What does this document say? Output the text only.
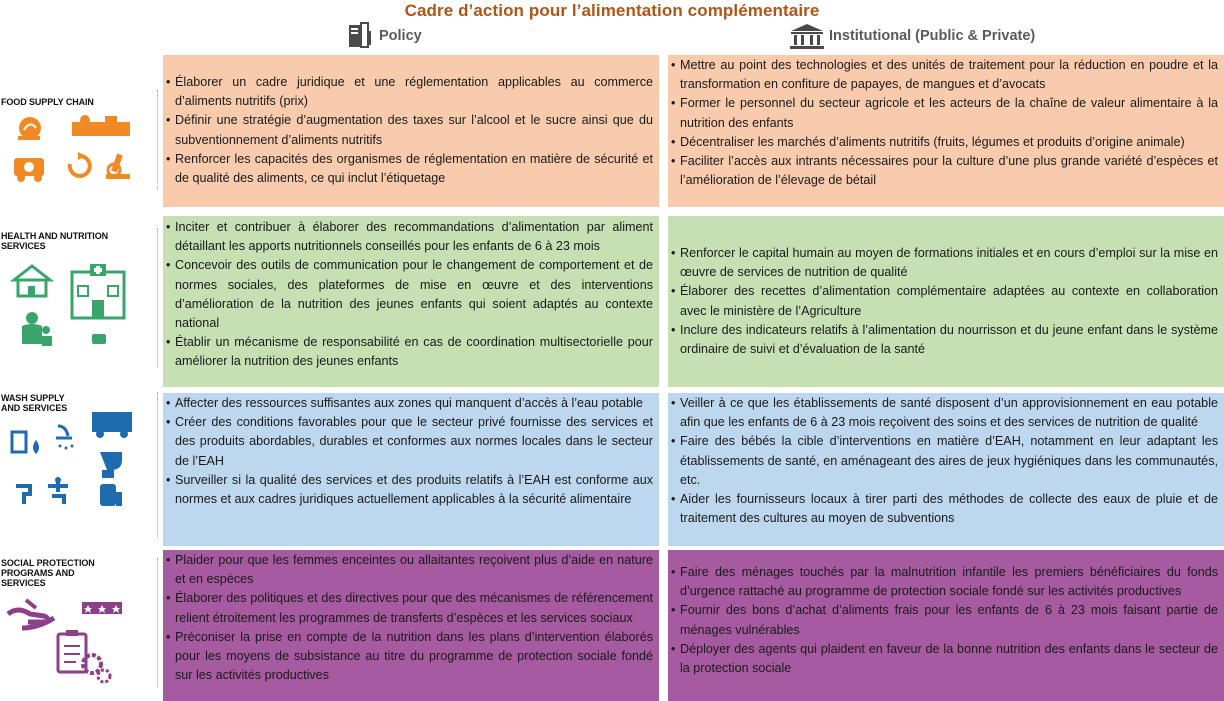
Cadre d’action pour l’alimentation complémentaire
Policy	Institutional (Public & Private)
FOOD SUPPLY CHAIN
• Élaborer un cadre juridique et une réglementation applicables au commerce d’aliments nutritifs (prix)
• Définir une stratégie d’augmentation des taxes sur l’alcool et le sucre ainsi que du subventionnement d’aliments nutritifs
• Renforcer les capacités des organismes de réglementation en matière de sécurité et de qualité des aliments, ce qui inclut l’étiquetage
• Mettre au point des technologies et des unités de traitement pour la réduction en poudre et la transformation en confiture de papayes, de mangues et d’avocats
• Former le personnel du secteur agricole et les acteurs de la chaîne de valeur alimentaire à la nutrition des enfants
• Décentraliser les marchés d’aliments nutritifs (fruits, légumes et produits d’origine animale)
• Faciliter l’accès aux intrants nécessaires pour la culture d’une plus grande variété d’espèces et l’amélioration de l’élevage de bétail
HEALTH AND NUTRITION SERVICES
• Inciter et contribuer à élaborer des recommandations d’alimentation par aliment détaillant les apports nutritionnels conseillés pour les enfants de 6 à 23 mois
• Concevoir des outils de communication pour le changement de comportement et de normes sociales, des plateformes de mise en œuvre et des interventions d’amélioration de la nutrition des jeunes enfants qui soient adaptés au contexte national
• Établir un mécanisme de responsabilité en cas de coordination multisectorielle pour améliorer la nutrition des jeunes enfants
• Renforcer le capital humain au moyen de formations initiales et en cours d’emploi sur la mise en œuvre de services de nutrition de qualité
• Élaborer des recettes d’alimentation complémentaire adaptées au contexte en collaboration avec le ministère de l’Agriculture
• Inclure des indicateurs relatifs à l’alimentation du nourrisson et du jeune enfant dans le système ordinaire de suivi et d’évaluation de la santé
WASH SUPPLY AND SERVICES
•	Affecter des ressources suffisantes aux zones qui manquent d’accès à l’eau potable
• Créer des conditions favorables pour que le secteur privé fournisse des services et des produits abordables, durables et conformes aux normes locales dans le secteur de l’EAH
• Surveiller si la qualité des services et des produits relatifs à l’EAH est conforme aux normes et aux cadres juridiques actuellement applicables à la sécurité alimentaire
• Veiller à ce que les établissements de santé disposent d’un approvisionnement en eau potable afin que les enfants de 6 à 23 mois reçoivent des soins et des services de nutrition de qualité
• Faire des bébés la cible d’interventions en matière d’EAH, notamment en leur adaptant les établissements de santé, en aménageant des aires de jeux hygiéniques dans les communautés, etc.
• Aider les fournisseurs locaux à tirer parti des méthodes de collecte des eaux de pluie et de traitement des cultures au moyen de subventions
SOCIAL PROTECTION PROGRAMS AND SERVICES
• Plaider pour que les femmes enceintes ou allaitantes reçoivent plus d’aide en nature et en espèces
• Élaborer des politiques et des directives pour que des mécanismes de référencement relient étroitement les programmes de transferts d’espèces et les services sociaux
• Préconiser la prise en compte de la nutrition dans les plans d’intervention élaborés pour les moyens de subsistance au titre du programme de protection sociale fondé sur les activités productives
• Faire des ménages touchés par la malnutrition infantile les premiers bénéficiaires du fonds d’urgence rattaché au programme de protection sociale fondé sur les activités productives
• Fournir des bons d’achat d’aliments frais pour les enfants de 6 à 23 mois faisant partie de ménages vulnérables
• Déployer des agents qui plaident en faveur de la bonne nutrition des enfants dans le secteur de la protection sociale
